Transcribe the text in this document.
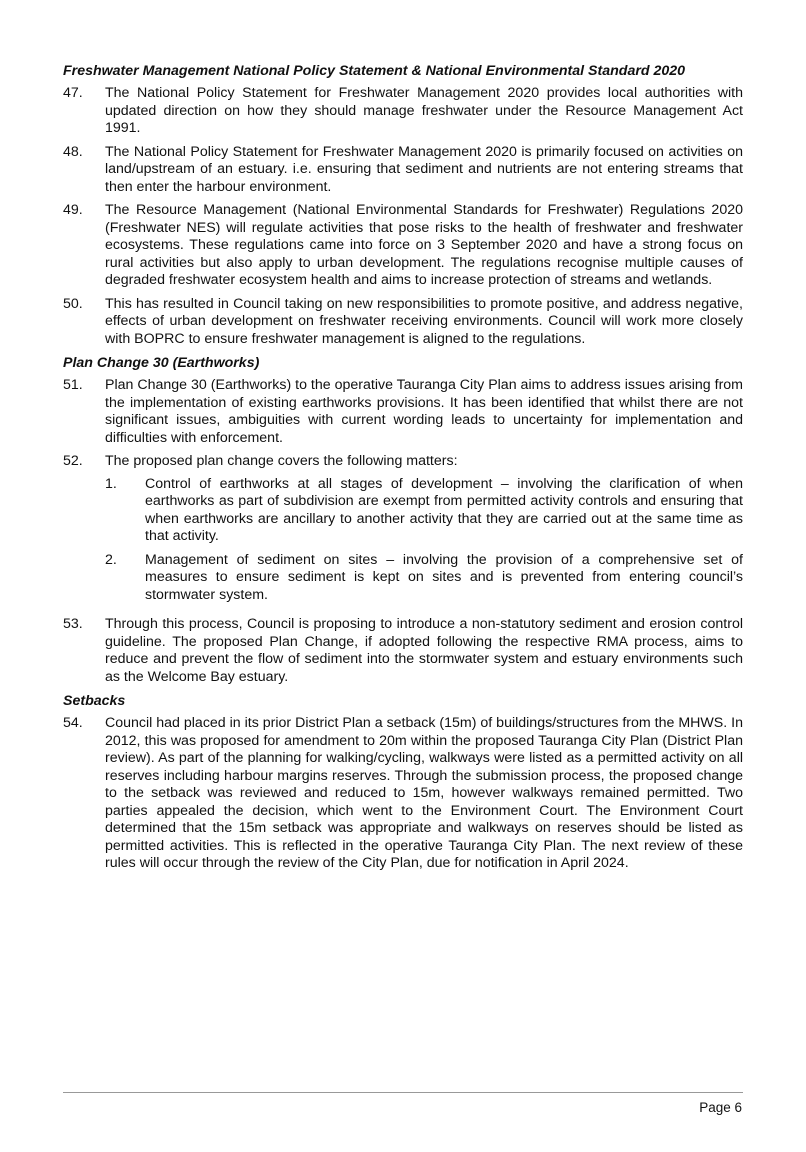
Freshwater Management National Policy Statement & National Environmental Standard 2020
47.	The National Policy Statement for Freshwater Management 2020 provides local authorities with updated direction on how they should manage freshwater under the Resource Management Act 1991.
48.	The National Policy Statement for Freshwater Management 2020 is primarily focused on activities on land/upstream of an estuary. i.e. ensuring that sediment and nutrients are not entering streams that then enter the harbour environment.
49.	The Resource Management (National Environmental Standards for Freshwater) Regulations 2020 (Freshwater NES) will regulate activities that pose risks to the health of freshwater and freshwater ecosystems. These regulations came into force on 3 September 2020 and have a strong focus on rural activities but also apply to urban development. The regulations recognise multiple causes of degraded freshwater ecosystem health and aims to increase protection of streams and wetlands.
50.	This has resulted in Council taking on new responsibilities to promote positive, and address negative, effects of urban development on freshwater receiving environments. Council will work more closely with BOPRC to ensure freshwater management is aligned to the regulations.
Plan Change 30 (Earthworks)
51.	Plan Change 30 (Earthworks) to the operative Tauranga City Plan aims to address issues arising from the implementation of existing earthworks provisions. It has been identified that whilst there are not significant issues, ambiguities with current wording leads to uncertainty for implementation and difficulties with enforcement.
52.	The proposed plan change covers the following matters:
1.	Control of earthworks at all stages of development – involving the clarification of when earthworks as part of subdivision are exempt from permitted activity controls and ensuring that when earthworks are ancillary to another activity that they are carried out at the same time as that activity.
2.	Management of sediment on sites – involving the provision of a comprehensive set of measures to ensure sediment is kept on sites and is prevented from entering council’s stormwater system.
53.	Through this process, Council is proposing to introduce a non-statutory sediment and erosion control guideline. The proposed Plan Change, if adopted following the respective RMA process, aims to reduce and prevent the flow of sediment into the stormwater system and estuary environments such as the Welcome Bay estuary.
Setbacks
54.	Council had placed in its prior District Plan a setback (15m) of buildings/structures from the MHWS. In 2012, this was proposed for amendment to 20m within the proposed Tauranga City Plan (District Plan review). As part of the planning for walking/cycling, walkways were listed as a permitted activity on all reserves including harbour margins reserves. Through the submission process, the proposed change to the setback was reviewed and reduced to 15m, however walkways remained permitted. Two parties appealed the decision, which went to the Environment Court. The Environment Court determined that the 15m setback was appropriate and walkways on reserves should be listed as permitted activities. This is reflected in the operative Tauranga City Plan. The next review of these rules will occur through the review of the City Plan, due for notification in April 2024.
Page 6
